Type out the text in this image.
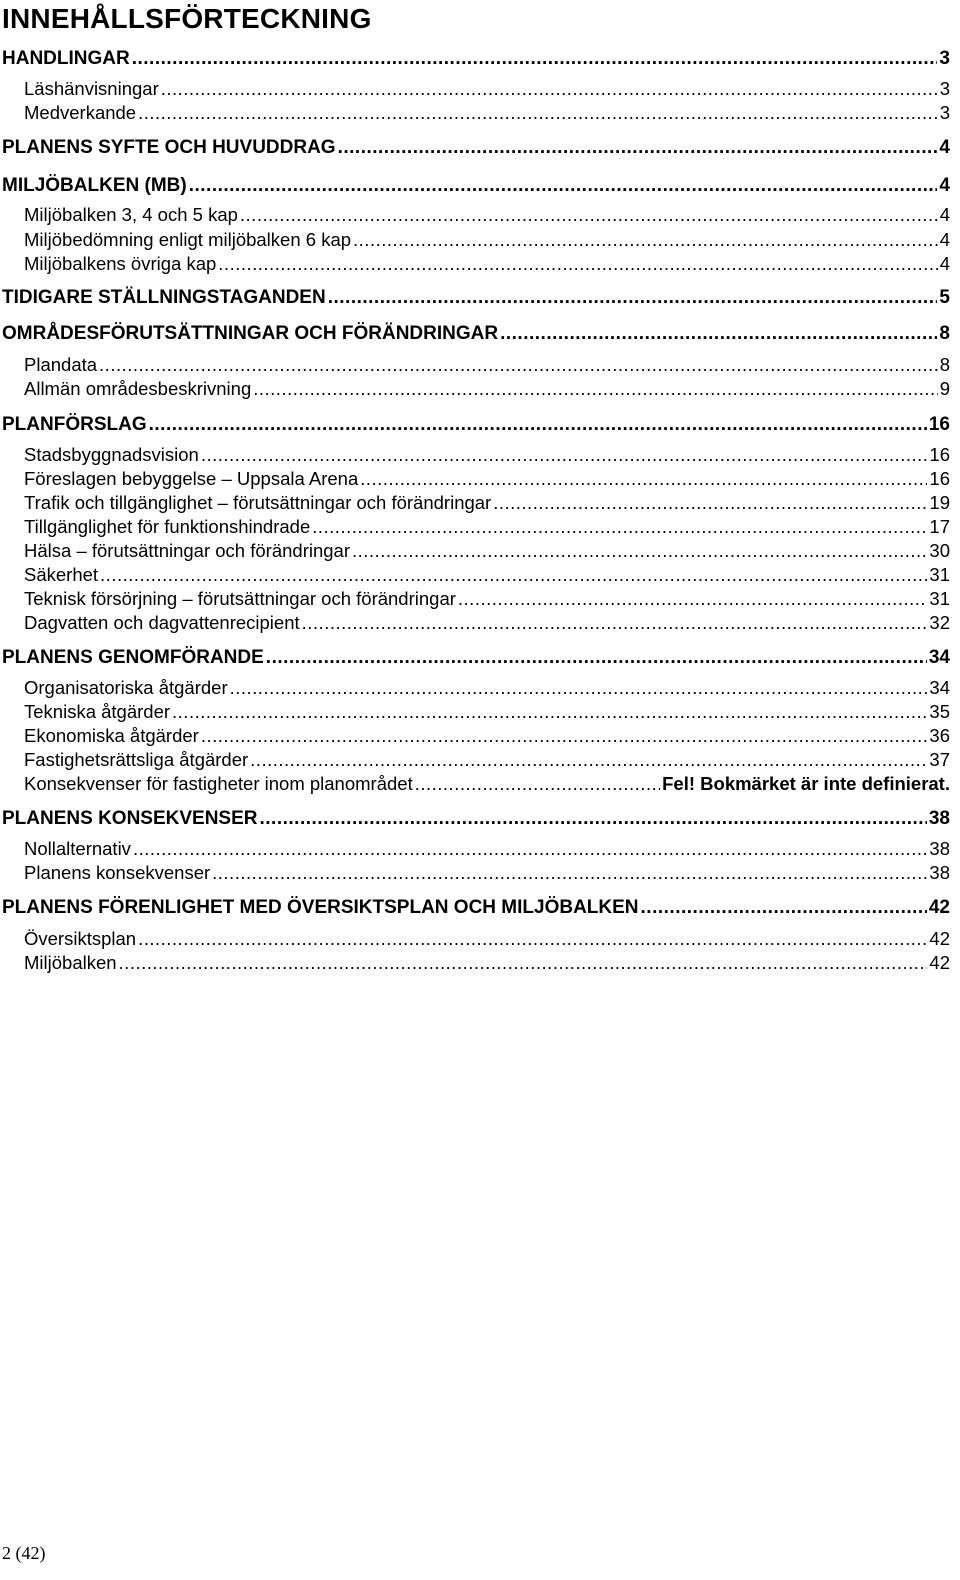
INNEHÅLLSFÖRTECKNING
HANDLINGAR .....	3
Läshänvisningar .....	3
Medverkande .....	3
PLANENS SYFTE OCH HUVUDDRAG .....	4
MILJÖBALKEN (MB) .....	4
Miljöbalken 3, 4 och 5 kap .....	4
Miljöbedömning enligt miljöbalken 6 kap .....	4
Miljöbalkens övriga kap .....	4
TIDIGARE STÄLLNINGSTAGANDEN .....	5
OMRÅDESFÖRUTSÄTTNINGAR OCH FÖRÄNDRINGAR .....	8
Plandata .....	8
Allmän områdesbeskrivning .....	9
PLANFÖRSLAG .....	16
Stadsbyggnadsvision .....	16
Föreslagen bebyggelse – Uppsala Arena .....	16
Trafik och tillgänglighet – förutsättningar och förändringar .....	19
Tillgänglighet för funktionshindrade .....	17
Hälsa – förutsättningar och förändringar .....	30
Säkerhet .....	31
Teknisk försörjning – förutsättningar och förändringar .....	31
Dagvatten och dagvattenrecipient .....	32
PLANENS GENOMFÖRANDE .....	34
Organisatoriska åtgärder .....	34
Tekniska åtgärder .....	35
Ekonomiska åtgärder .....	36
Fastighetsrättsliga åtgärder .....	37
Konsekvenser för fastigheter inom planområdet .....	Fel! Bokmärket är inte definierat.
PLANENS KONSEKVENSER .....	38
Nollalternativ .....	38
Planens konsekvenser .....	38
PLANENS FÖRENLIGHET MED ÖVERSIKTSPLAN OCH MILJÖBALKEN .....	42
Översiktsplan .....	42
Miljöbalken .....	42
2 (42)
